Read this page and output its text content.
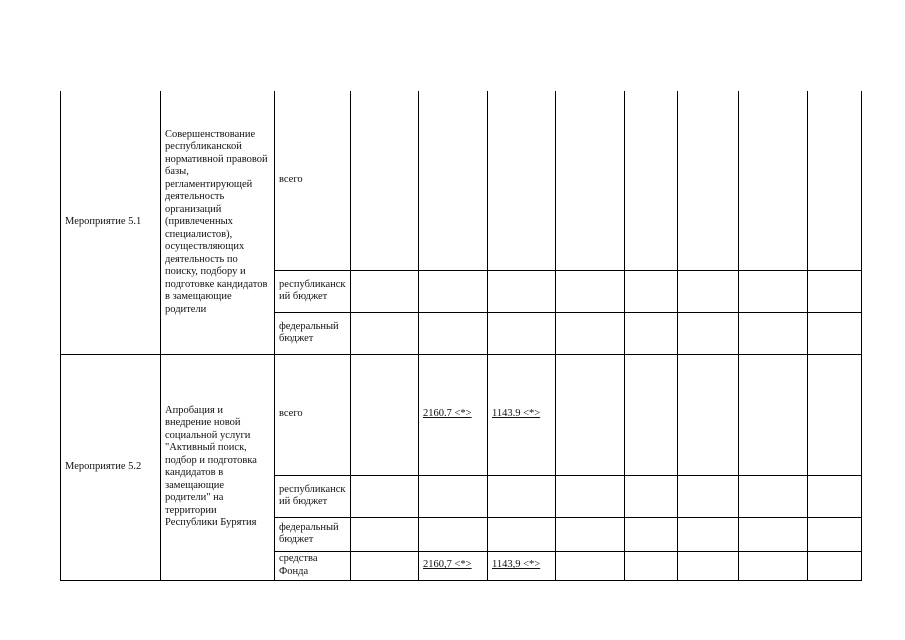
Мероприятие 5.1	Совершенствование республиканской нормативной правовой базы, регламентирующей деятельность организаций (привлеченных специалистов), осуществляющих деятельность по поиску, подбору и подготовке кандидатов в замещающие родители	всего								
		республиканский бюджет								
		федеральный бюджет								
Мероприятие 5.2	Апробация и внедрение новой социальной услуги "Активный поиск, подбор и подготовка кандидатов в замещающие родители" на территории Республики Бурятия	всего		2160.7 <*>	1143.9 <*>					
		республиканский бюджет								
		федеральный бюджет								
		средства Фонда		2160,7 <*>	1143,9 <*>					
